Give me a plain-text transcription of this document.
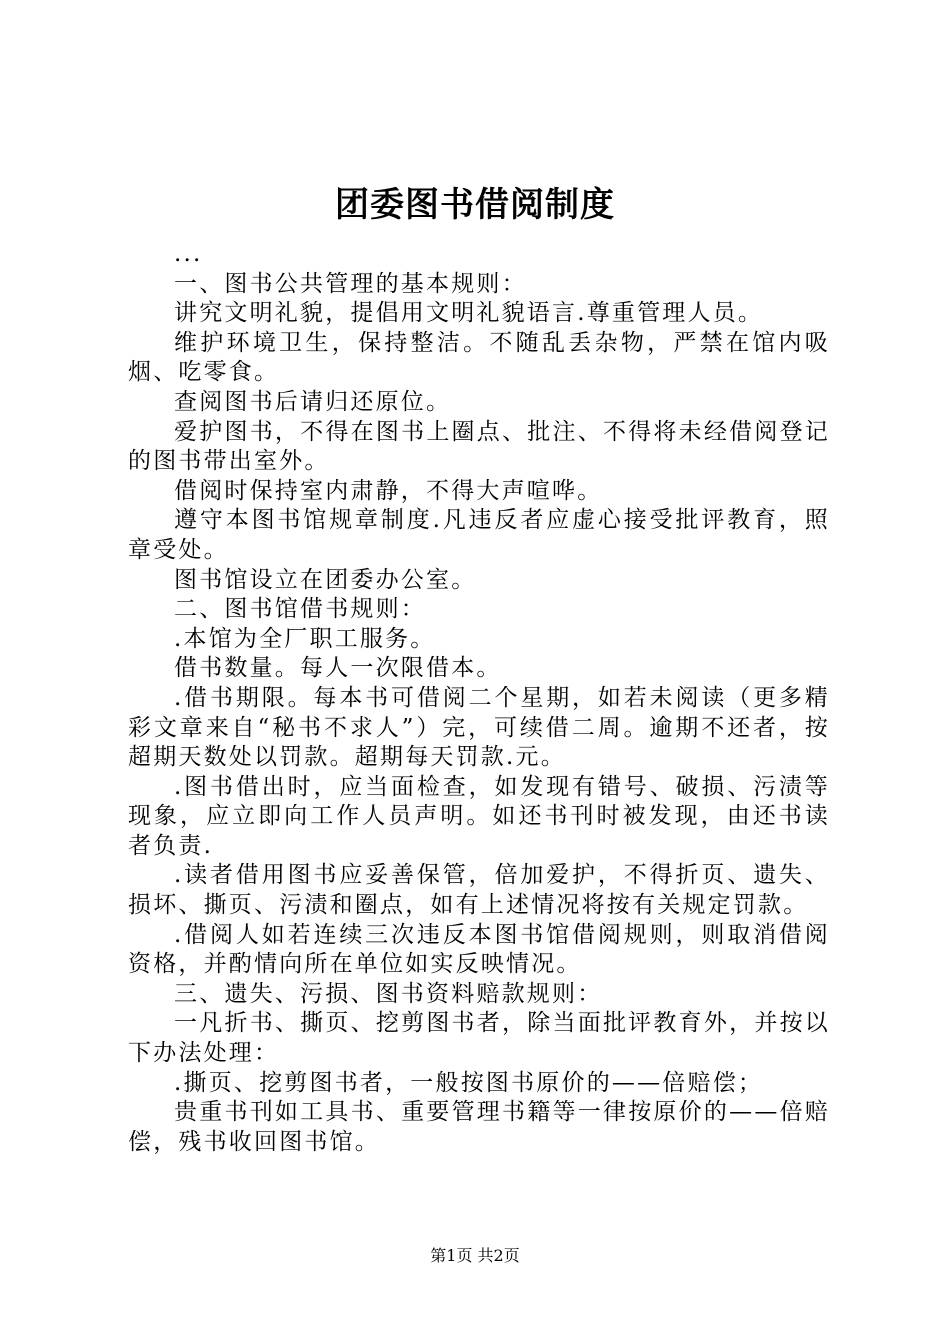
团委图书借阅制度

...

一、图书公共管理的基本规则：

讲究文明礼貌，提倡用文明礼貌语言.尊重管理人员。

维护环境卫生，保持整洁。不随乱丢杂物，严禁在馆内吸烟、吃零食。

查阅图书后请归还原位。

爱护图书，不得在图书上圈点、批注、不得将未经借阅登记的图书带出室外。

借阅时保持室内肃静，不得大声喧哗。

遵守本图书馆规章制度.凡违反者应虚心接受批评教育，照章受处。

图书馆设立在团委办公室。

二、图书馆借书规则：

.本馆为全厂职工服务。

借书数量。每人一次限借本。

.借书期限。每本书可借阅二个星期，如若未阅读（更多精彩文章来自“秘书不求人”）完，可续借二周。逾期不还者，按超期天数处以罚款。超期每天罚款.元。

.图书借出时，应当面检查，如发现有错号、破损、污渍等现象，应立即向工作人员声明。如还书刊时被发现，由还书读者负责.

.读者借用图书应妥善保管，倍加爱护，不得折页、遗失、损坏、撕页、污渍和圈点，如有上述情况将按有关规定罚款。

.借阅人如若连续三次违反本图书馆借阅规则，则取消借阅资格，并酌情向所在单位如实反映情况。

三、遗失、污损、图书资料赔款规则：

一凡折书、撕页、挖剪图书者，除当面批评教育外，并按以下办法处理：

.撕页、挖剪图书者，一般按图书原价的——倍赔偿；

贵重书刊如工具书、重要管理书籍等一律按原价的——倍赔偿，残书收回图书馆。

第1页 共2页
